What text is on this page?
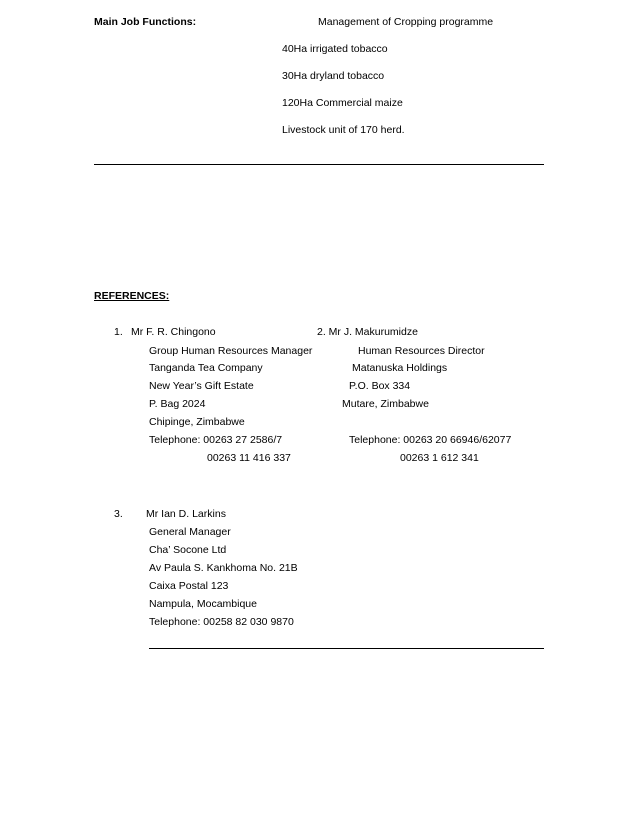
Main Job Functions:	Management of Cropping programme
40Ha irrigated tobacco
30Ha dryland tobacco
120Ha Commercial maize
Livestock unit of 170 herd.
REFERENCES:
1. Mr F. R. Chingono
Group Human Resources Manager
Tanganda Tea Company
New Year’s Gift Estate
P. Bag 2024
Chipinge, Zimbabwe
Telephone: 00263 27 2586/7
00263 11 416 337
2. Mr J. Makurumidze
Human Resources Director
Matanuska Holdings
P.O. Box 334
Mutare, Zimbabwe
Telephone: 00263 20 66946/62077
00263 1 612 341
3. Mr Ian D. Larkins
General Manager
Cha’ Socone Ltd
Av Paula S. Kankhoma No. 21B
Caixa Postal 123
Nampula, Mocambique
Telephone: 00258 82 030 9870
